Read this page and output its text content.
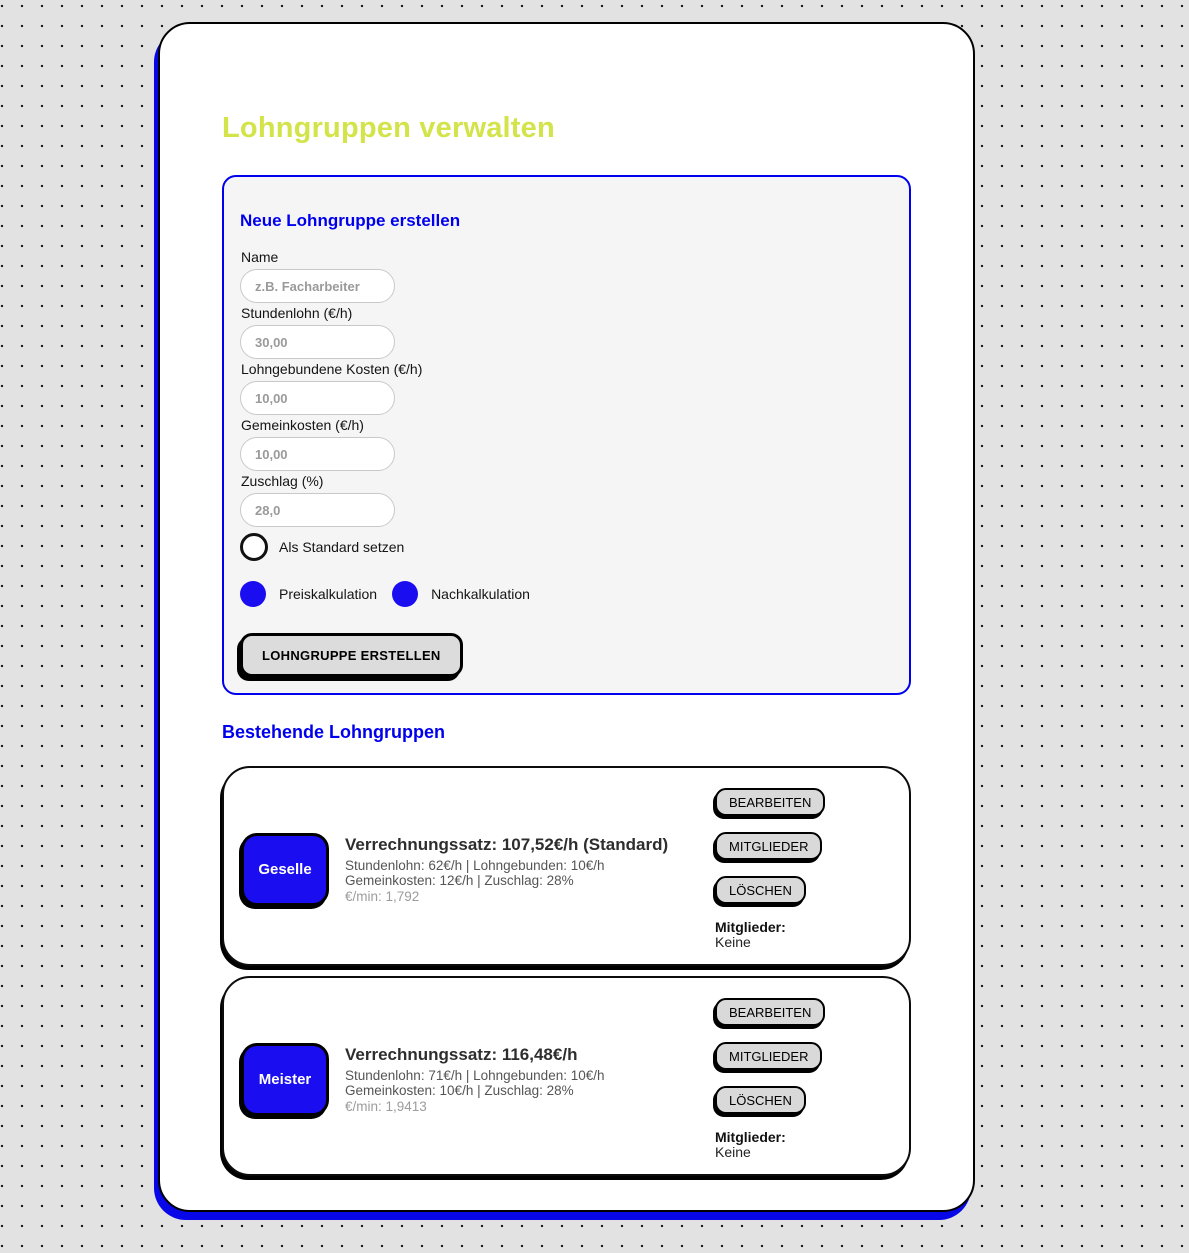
Lohngruppen verwalten
Neue Lohngruppe erstellen
Name
z.B. Facharbeiter
Stundenlohn (€/h)
30,00
Lohngebundene Kosten (€/h)
10,00
Gemeinkosten (€/h)
10,00
Zuschlag (%)
28,0
Als Standard setzen
Preiskalkulation	Nachkalkulation
LOHNGRUPPE ERSTELLEN
Bestehende Lohngruppen
Geselle
Verrechnungssatz: 107,52€/h (Standard)
Stundenlohn: 62€/h | Lohngebunden: 10€/h
Gemeinkosten: 12€/h | Zuschlag: 28%
€/min: 1,792
BEARBEITEN
MITGLIEDER
LÖSCHEN
Mitglieder:
Keine
Meister
Verrechnungssatz: 116,48€/h
Stundenlohn: 71€/h | Lohngebunden: 10€/h
Gemeinkosten: 10€/h | Zuschlag: 28%
€/min: 1,9413
BEARBEITEN
MITGLIEDER
LÖSCHEN
Mitglieder:
Keine
